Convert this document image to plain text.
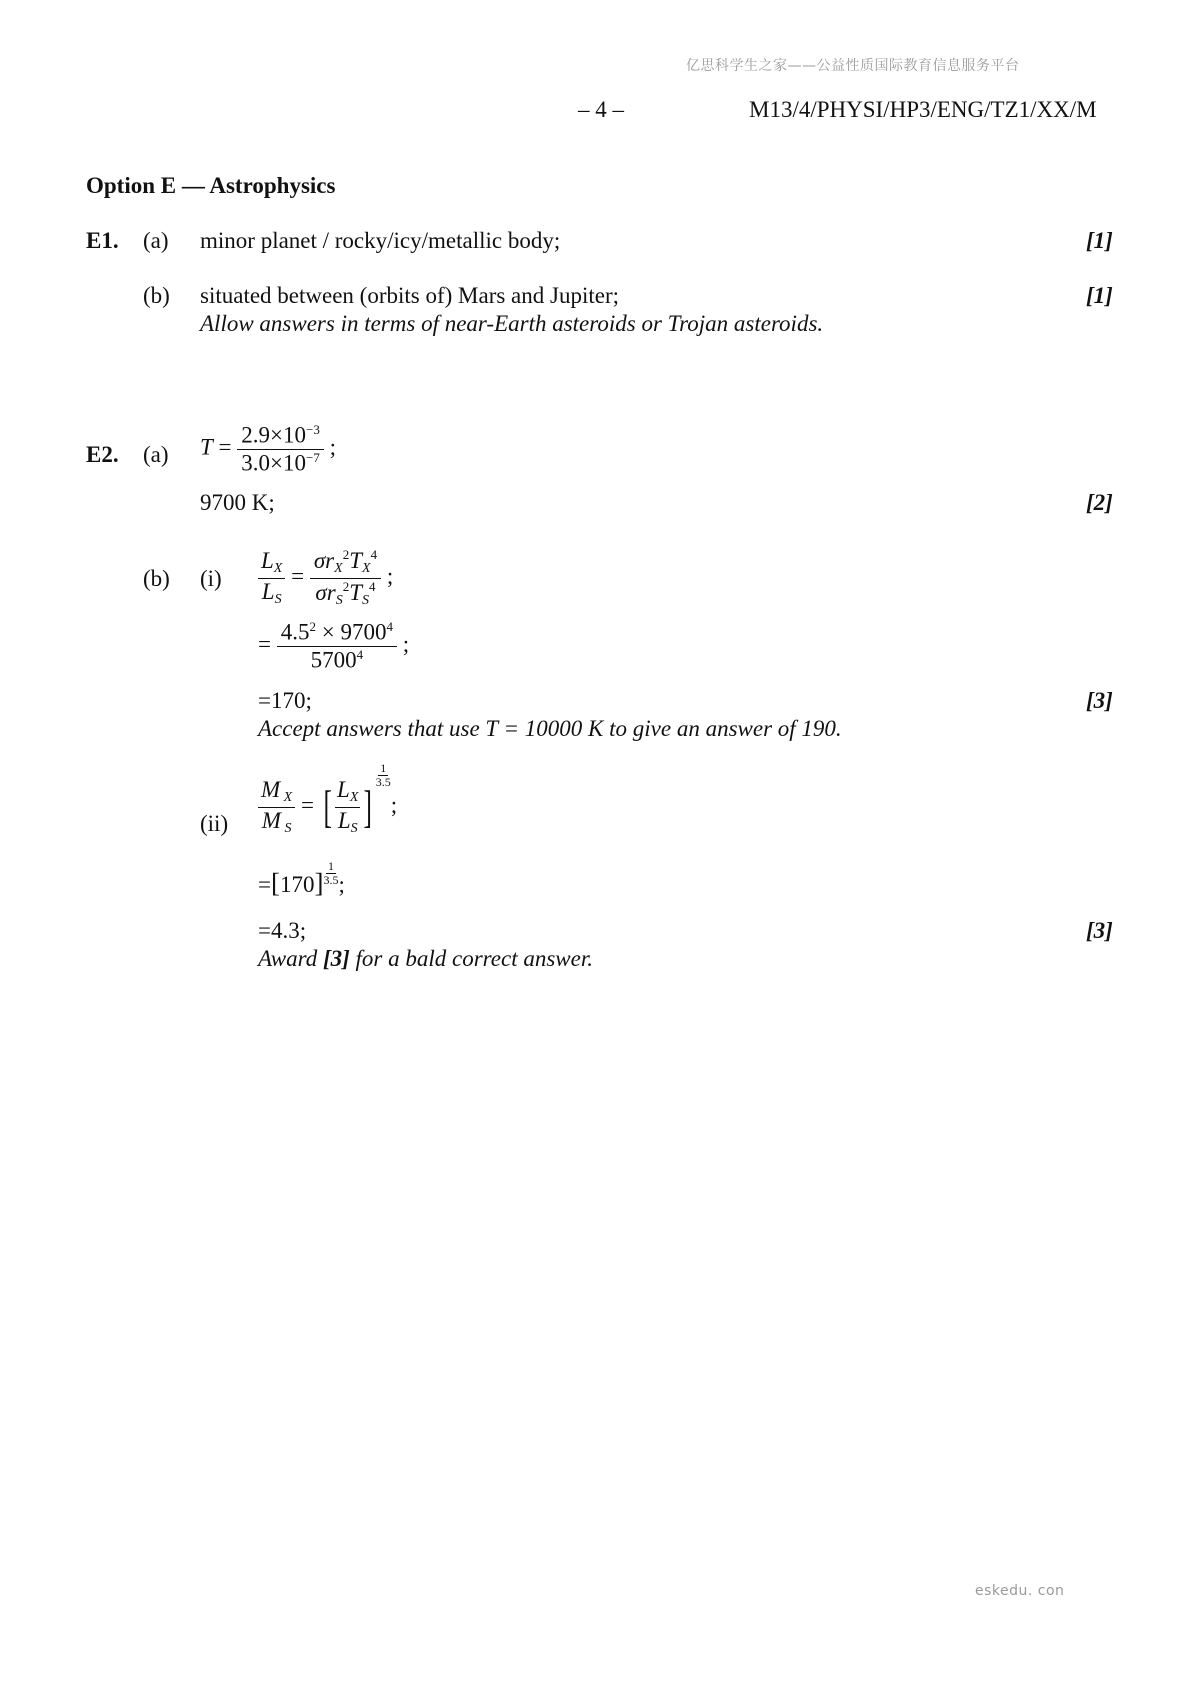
亿思科学生之家——公益性质国际教育信息服务平台
eskedu. con
– 4 –	M13/4/PHYSI/HP3/ENG/TZ1/XX/M
Option E — Astrophysics
E1. (a) minor planet / rocky/icy/metallic body;	[1]
(b) situated between (orbits of) Mars and Jupiter;
Allow answers in terms of near-Earth asteroids or Trojan asteroids.
[1]
E2. (a) $T = \frac{2.9\times 10^{-3}}{3.0\times 10^{-7}}$ ;
9700 K;	[2]
(b) $(i) \frac{LX}{LS} = \frac{\sigma rX^2TX^4}{\sigma rS^2TS^4}$ ;
= $\frac{4.5^2 \times 9700^4}{5700^4}$ ;
=170;	[3]
Accept answers that use T = 10000 K to give an answer of 190.
$(ii) \frac{\text{M X}}{\text{M S}}$ = [ $\frac{LX}{LS}$ ]
$\frac{1}{3.5}$
;
$=[170] \frac{1}{3.5}$ ;
=4.3;	[3]
Award [3] for a bald correct answer.
